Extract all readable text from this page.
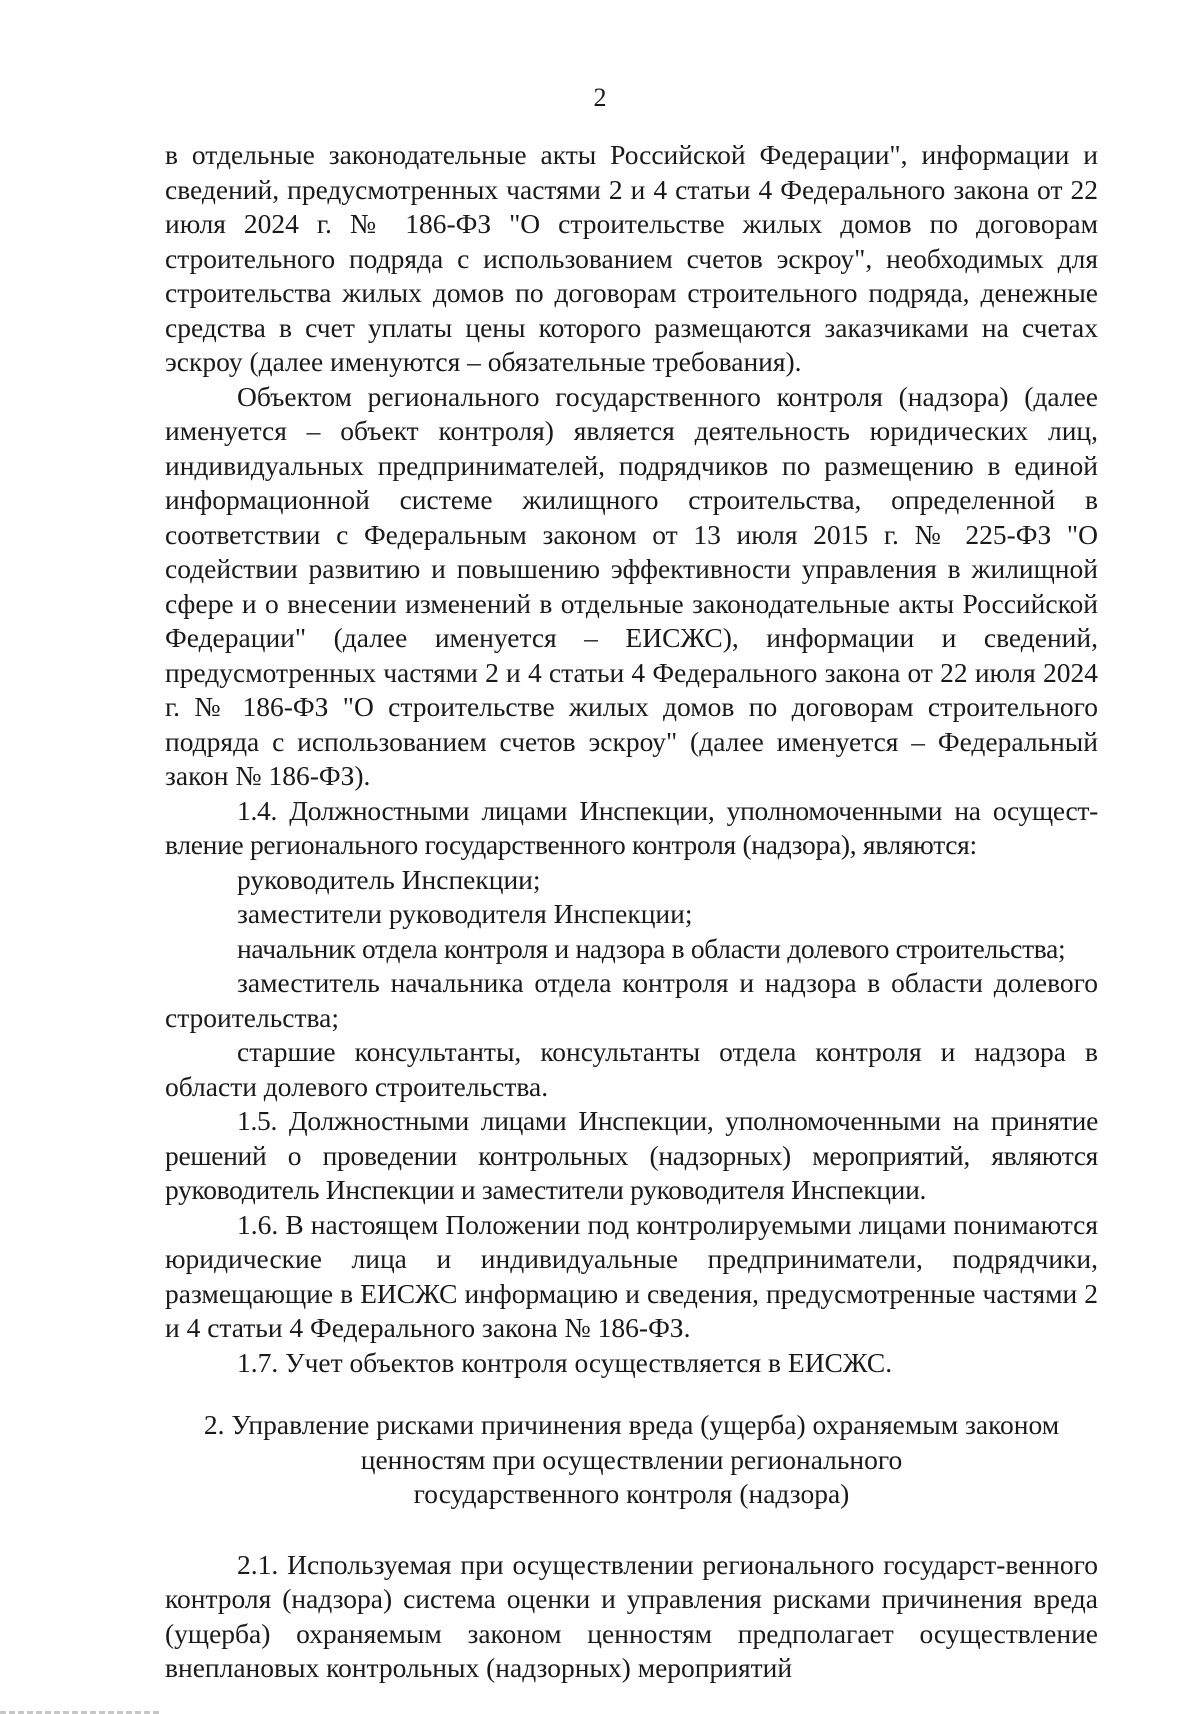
2

в отдельные законодательные акты Российской Федерации", информации и сведений, предусмотренных частями 2 и 4 статьи 4 Федерального закона от 22 июля 2024 г. № 186-ФЗ "О строительстве жилых домов по договорам строительного подряда с использованием счетов эскроу", необходимых для строительства жилых домов по договорам строительного подряда, денежные средства в счет уплаты цены которого размещаются заказчиками на счетах эскроу (далее именуются – обязательные требования).

Объектом регионального государственного контроля (надзора) (далее именуется – объект контроля) является деятельность юридических лиц, индивидуальных предпринимателей, подрядчиков по размещению в единой информационной системе жилищного строительства, определенной в соответствии с Федеральным законом от 13 июля 2015 г. № 225-ФЗ "О содействии развитию и повышению эффективности управления в жилищной сфере и о внесении изменений в отдельные законодательные акты Российской Федерации" (далее именуется – ЕИСЖС), информации и сведений, предусмотренных частями 2 и 4 статьи 4 Федерального закона от 22 июля 2024 г. № 186-ФЗ "О строительстве жилых домов по договорам строительного подряда с использованием счетов эскроу" (далее именуется – Федеральный закон № 186-ФЗ).

1.4. Должностными лицами Инспекции, уполномоченными на осущест-вление регионального государственного контроля (надзора), являются:

руководитель Инспекции;

заместители руководителя Инспекции;

начальник отдела контроля и надзора в области долевого строительства;

заместитель начальника отдела контроля и надзора в области долевого строительства;

старшие консультанты, консультанты отдела контроля и надзора в области долевого строительства.

1.5. Должностными лицами Инспекции, уполномоченными на принятие решений о проведении контрольных (надзорных) мероприятий, являются руководитель Инспекции и заместители руководителя Инспекции.

1.6. В настоящем Положении под контролируемыми лицами понимаются юридические лица и индивидуальные предприниматели, подрядчики, размещающие в ЕИСЖС информацию и сведения, предусмотренные частями 2 и 4 статьи 4 Федерального закона № 186-ФЗ.

1.7. Учет объектов контроля осуществляется в ЕИСЖС.

2. Управление рисками причинения вреда (ущерба) охраняемым законом
ценностям при осуществлении регионального
государственного контроля (надзора)

2.1. Используемая при осуществлении регионального государст-венного контроля (надзора) система оценки и управления рисками причинения вреда (ущерба) охраняемым законом ценностям предполагает осуществление внеплановых контрольных (надзорных) мероприятий
